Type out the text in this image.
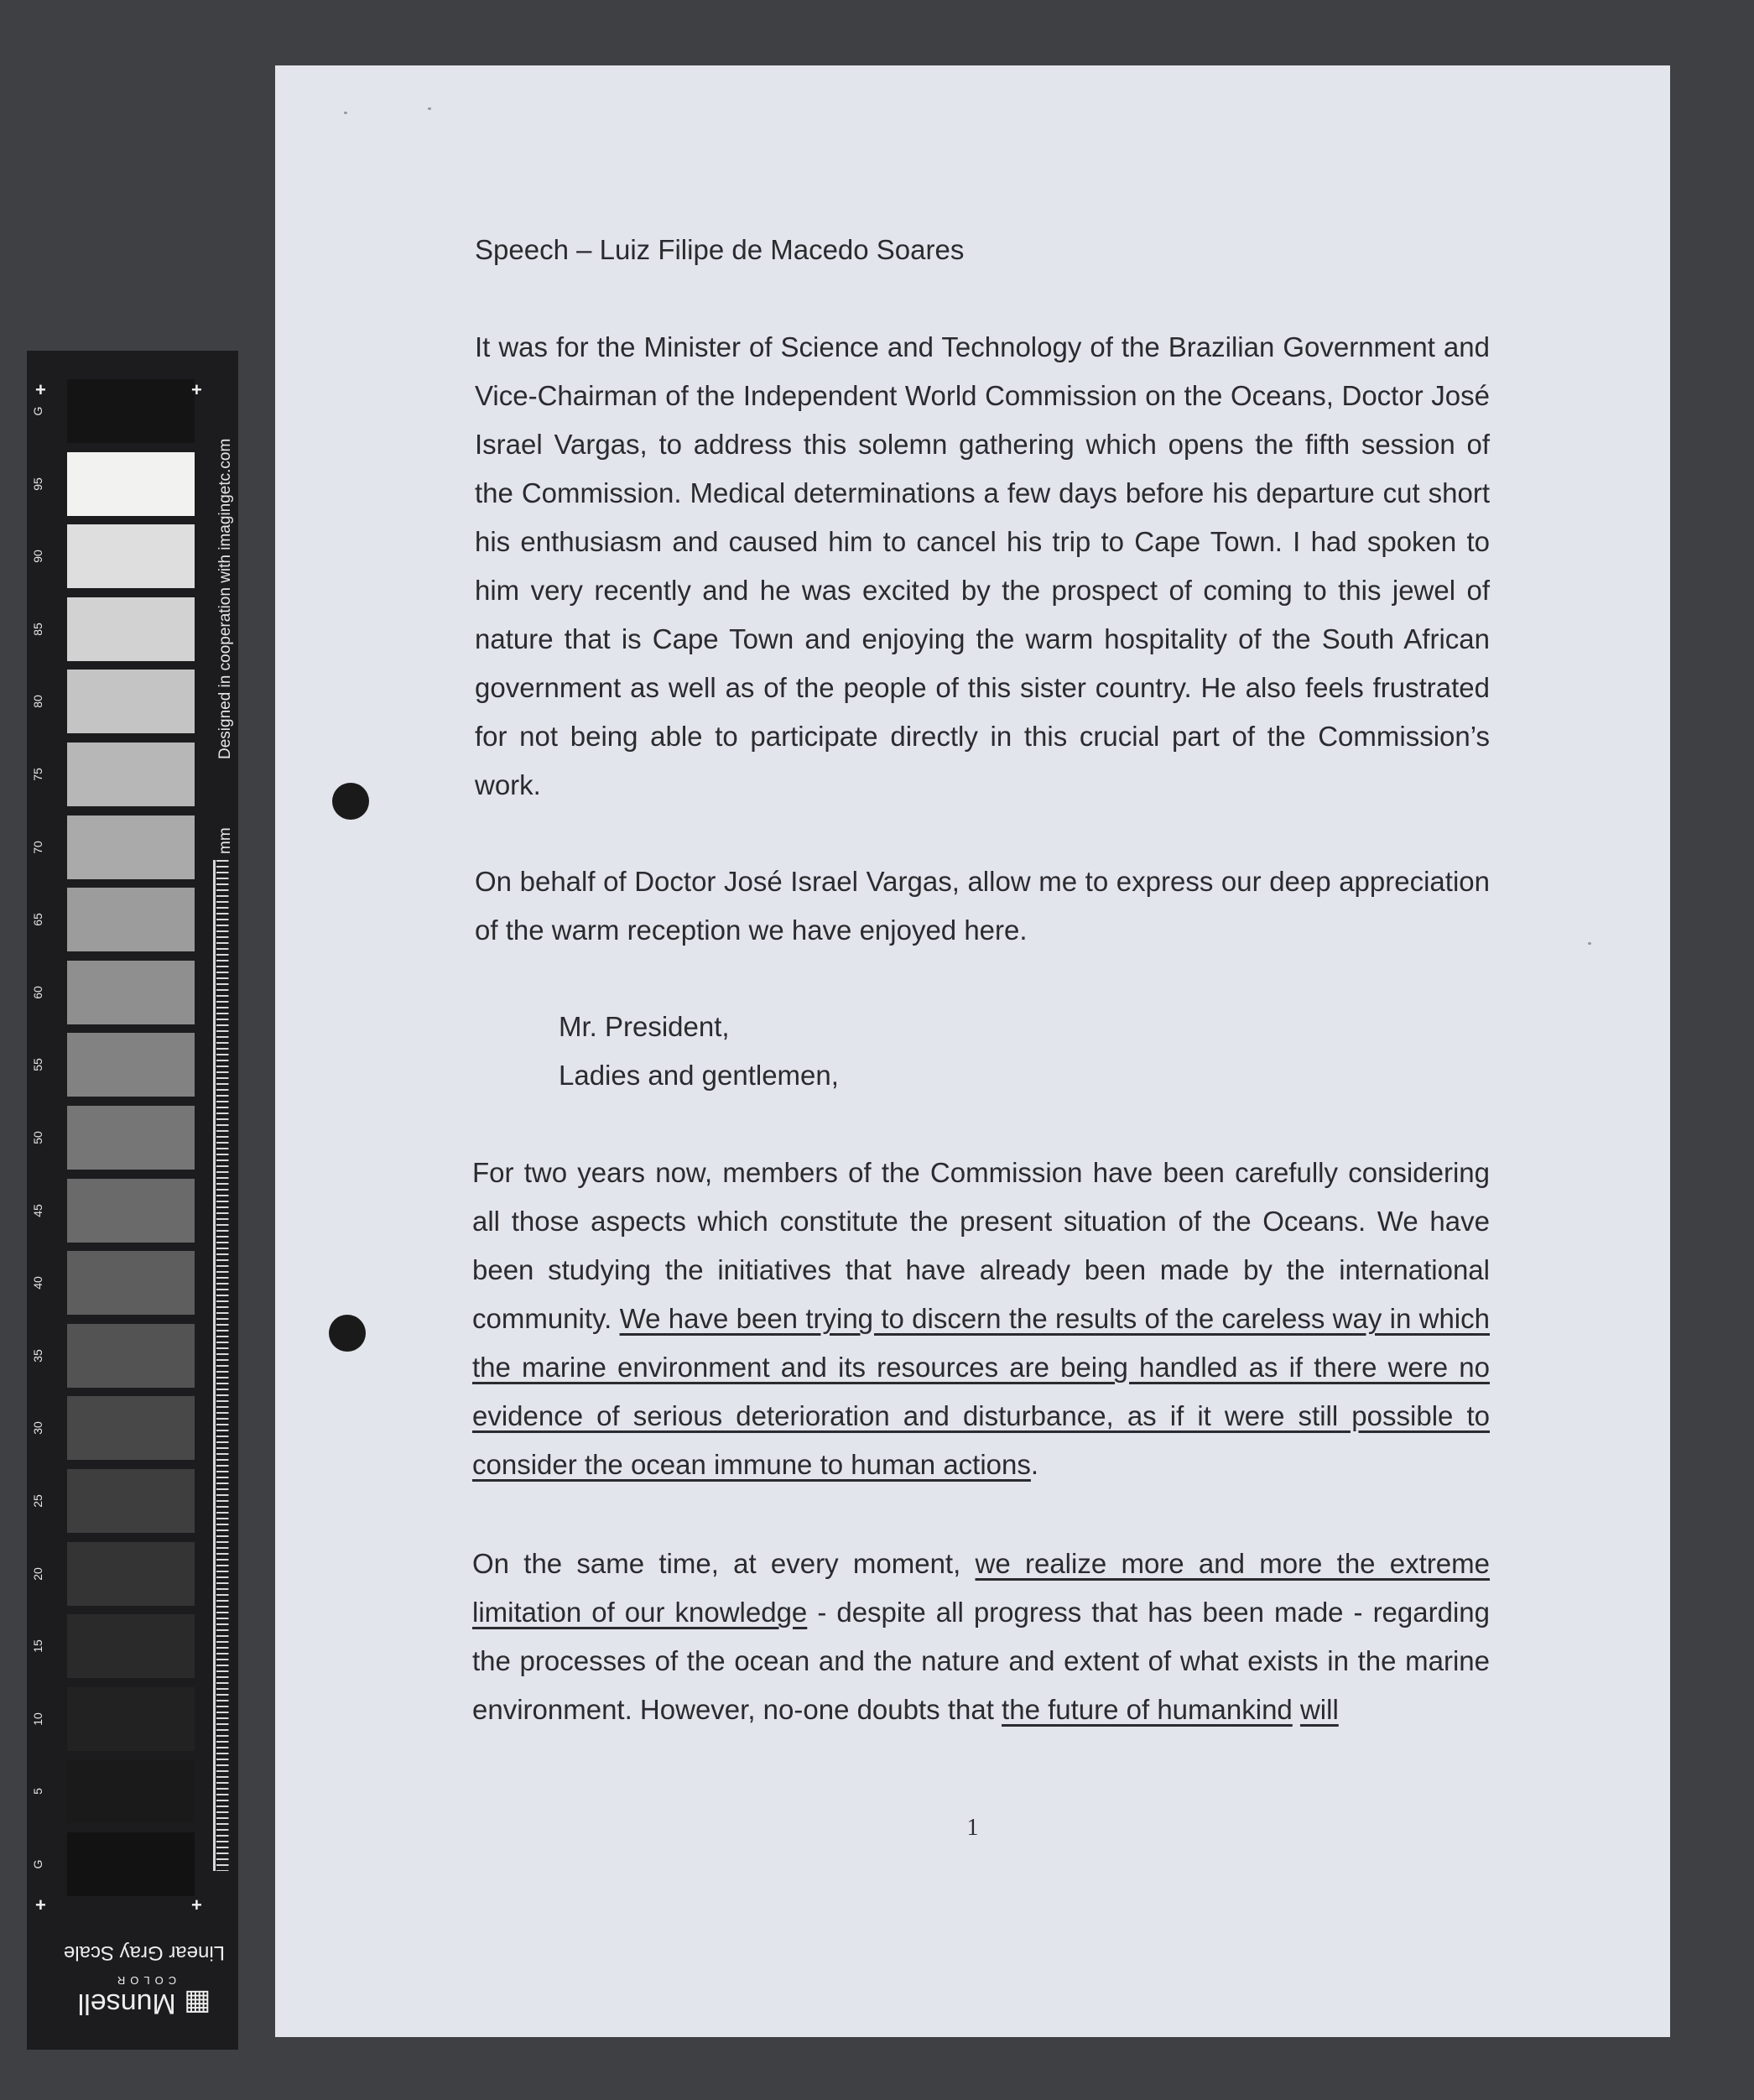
G
95
90
85
80
75
70
65
60
55
50
45
40
35
30
25
20
15
10
5
G
+	+
+	+
Designed in cooperation with imagingetc.com
mm
Linear Gray Scale
▦ Munsell
COLOR

Speech – Luiz Filipe de Macedo Soares

It was for the Minister of Science and Technology of the Brazilian Government and Vice-Chairman of the Independent World Commission on the Oceans, Doctor José Israel Vargas, to address this solemn gathering which opens the fifth session of the Commission. Medical determinations a few days before his departure cut short his enthusiasm and caused him to cancel his trip to Cape Town. I had spoken to him very recently and he was excited by the prospect of coming to this jewel of nature that is Cape Town and enjoying the warm hospitality of the South African government as well as of the people of this sister country. He also feels frustrated for not being able to participate directly in this crucial part of the Commission’s work.

On behalf of Doctor José Israel Vargas, allow me to express our deep appreciation of the warm reception we have enjoyed here.

Mr. President,
Ladies and gentlemen,

For two years now, members of the Commission have been carefully considering all those aspects which constitute the present situation of the Oceans. We have been studying the initiatives that have already been made by the international community. We have been trying to discern the results of the careless way in which the marine environment and its resources are being handled as if there were no evidence of serious deterioration and disturbance, as if it were still possible to consider the ocean immune to human actions.

On the same time, at every moment, we realize more and more the extreme limitation of our knowledge - despite all progress that has been made - regarding the processes of the ocean and the nature and extent of what exists in the marine environment. However, no-one doubts that the future of humankind will

1
